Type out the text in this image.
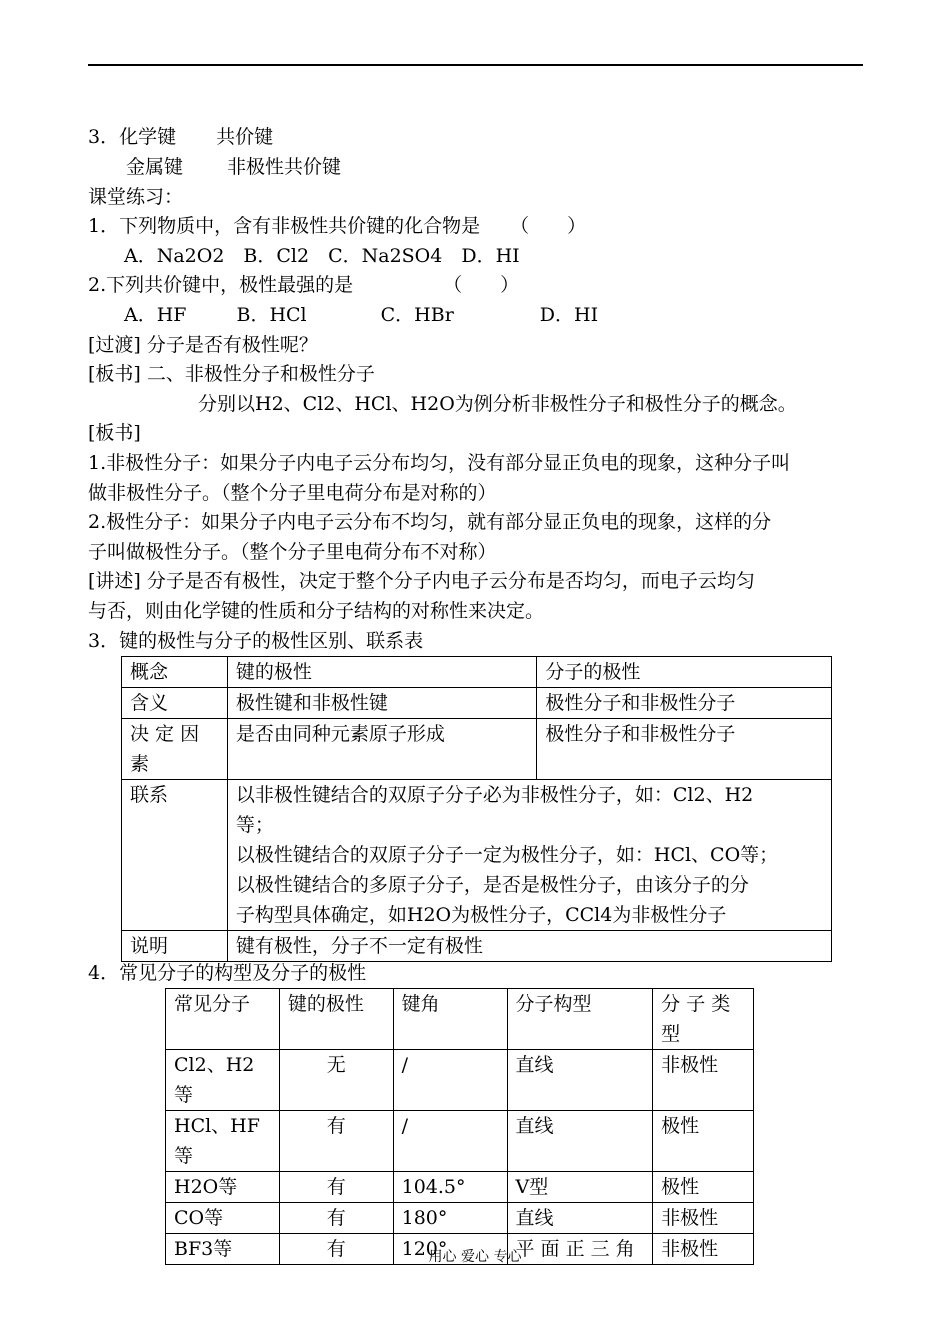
3．化学键 共价键
金属键 非极性共价键
课堂练习：
1．下列物质中，含有非极性共价键的化合物是 （　　）
A．Na2O2　B．Cl2　C．Na2SO4　D．HI
2.下列共价键中，极性最强的是	（　　）
A．HF	B．HCl	C．HBr	D．HI
[过渡] 分子是否有极性呢？
[板书] 二、非极性分子和极性分子
分别以H2、Cl2、HCl、H2O为例分析非极性分子和极性分子的概念。
[板书]
1.非极性分子：如果分子内电子云分布均匀，没有部分显正负电的现象，这种分子叫
做非极性分子。（整个分子里电荷分布是对称的）
2.极性分子：如果分子内电子云分布不均匀，就有部分显正负电的现象，这样的分
子叫做极性分子。（整个分子里电荷分布不对称）
[讲述] 分子是否有极性，决定于整个分子内电子云分布是否均匀，而电子云均匀
与否，则由化学键的性质和分子结构的对称性来决定。
3．键的极性与分子的极性区别、联系表
概念	键的极性	分子的极性
含义	极性键和非极性键	极性分子和非极性分子

决 定 因
素	是否由同种元素原子形成	极性分子和非极性分子
联系	以非极性键结合的双原子分子必为非极性分子，如：Cl2、H2
等；
以极性键结合的双原子分子一定为极性分子，如：HCl、CO等；
以极性键结合的多原子分子，是否是极性分子，由该分子的分
子构型具体确定，如H2O为极性分子，CCl4为非极性分子	

说明	键有极性，分子不一定有极性	
4．常见分子的构型及分子的极性
常见分子	键的极性	键角	分子构型	分 子 类
型

Cl2、H2等	无	/	直线	非极性
HCl、HF等	有	/	直线	极性
H2O等	有	104.5°	V型	极性
CO等	有	180°	直线	非极性
BF3等	有	120°	平 面 正 三 角	非极性
用心 爱心 专心
